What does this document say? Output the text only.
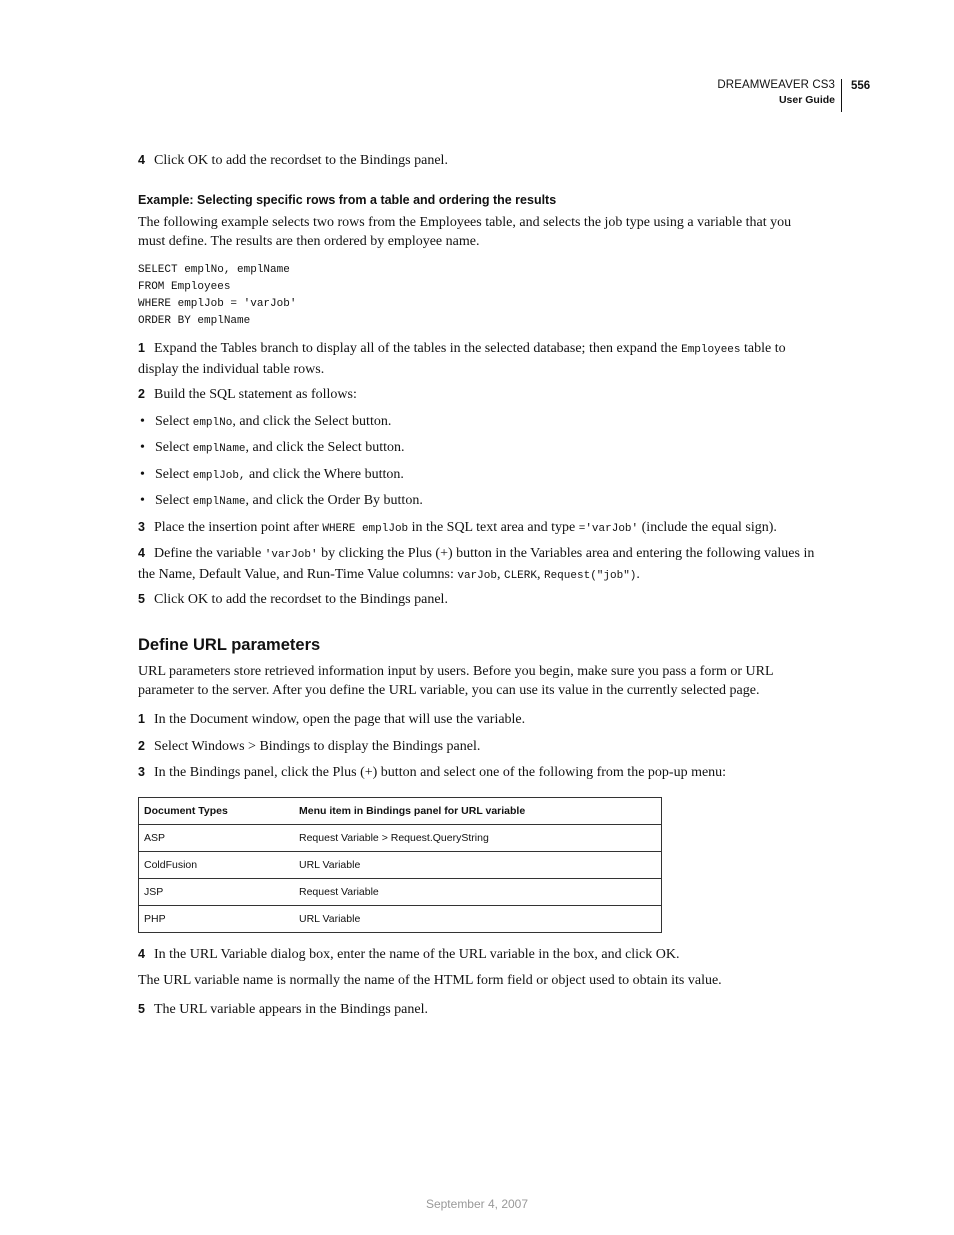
DREAMWEAVER CS3
User Guide
556
4 Click OK to add the recordset to the Bindings panel.
Example: Selecting specific rows from a table and ordering the results
The following example selects two rows from the Employees table, and selects the job type using a variable that you must define. The results are then ordered by employee name.
SELECT emplNo, emplName
FROM Employees
WHERE emplJob = 'varJob'
ORDER BY emplName
1 Expand the Tables branch to display all of the tables in the selected database; then expand the Employees table to display the individual table rows.
2 Build the SQL statement as follows:
• Select emplNo, and click the Select button.
• Select emplName, and click the Select button.
• Select emplJob, and click the Where button.
• Select emplName, and click the Order By button.
3 Place the insertion point after WHERE emplJob in the SQL text area and type ='varJob' (include the equal sign).
4 Define the variable 'varJob' by clicking the Plus (+) button in the Variables area and entering the following values in the Name, Default Value, and Run-Time Value columns: varJob, CLERK, Request("job").
5 Click OK to add the recordset to the Bindings panel.
Define URL parameters
URL parameters store retrieved information input by users. Before you begin, make sure you pass a form or URL parameter to the server. After you define the URL variable, you can use its value in the currently selected page.
1 In the Document window, open the page that will use the variable.
2 Select Windows > Bindings to display the Bindings panel.
3 In the Bindings panel, click the Plus (+) button and select one of the following from the pop-up menu:
Document Types	Menu item in Bindings panel for URL variable
ASP	Request Variable > Request.QueryString
ColdFusion	URL Variable
JSP	Request Variable
PHP	URL Variable
4 In the URL Variable dialog box, enter the name of the URL variable in the box, and click OK.
The URL variable name is normally the name of the HTML form field or object used to obtain its value.
5 The URL variable appears in the Bindings panel.
September 4, 2007
